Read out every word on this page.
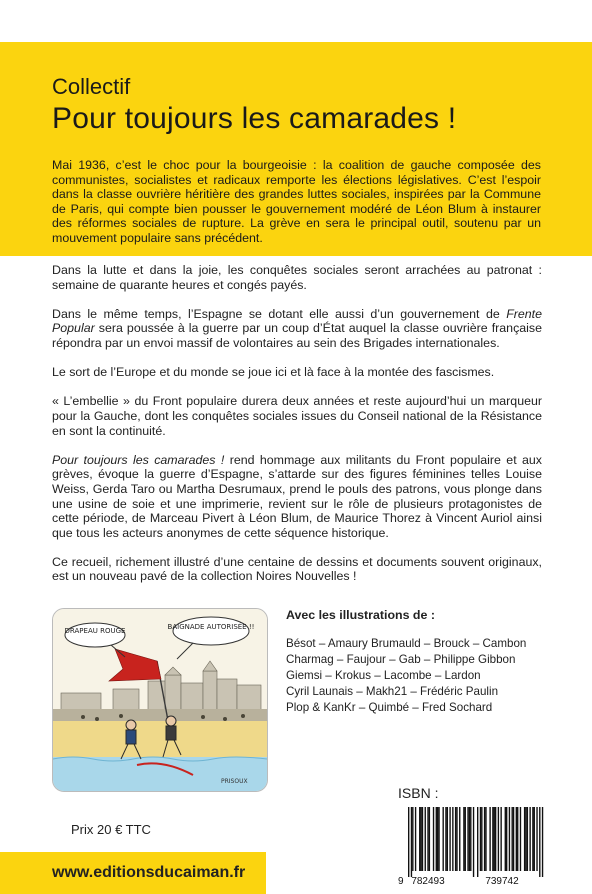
Collectif
Pour toujours les camarades !
Mai 1936, c’est le choc pour la bourgeoisie : la coalition de gauche composée des communistes, socialistes et radicaux remporte les élections législatives. C’est l’espoir dans la classe ouvrière héritière des grandes luttes sociales, inspirées par la Commune de Paris, qui compte bien pousser le gouvernement modéré de Léon Blum à instaurer des réformes sociales de rupture. La grève en sera le principal outil, soutenu par un mouvement populaire sans précédent.

Dans la lutte et dans la joie, les conquêtes sociales seront arrachées au patronat : semaine de quarante heures et congés payés.

Dans le même temps, l’Espagne se dotant elle aussi d’un gouvernement de Frente Popular sera poussée à la guerre par un coup d’État auquel la classe ouvrière française répondra par un envoi massif de volontaires au sein des Brigades internationales.

Le sort de l’Europe et du monde se joue ici et là face à la montée des fascismes.

« L’embellie » du Front populaire durera deux années et reste aujourd’hui un marqueur pour la Gauche, dont les conquêtes sociales issues du Conseil national de la Résistance en sont la continuité.

Pour toujours les camarades ! rend hommage aux militants du Front populaire et aux grèves, évoque la guerre d’Espagne, s’attarde sur des figures féminines telles Louise Weiss, Gerda Taro ou Martha Desrumaux, prend le pouls des patrons, vous plonge dans une usine de soie et une imprimerie, revient sur le rôle de plusieurs protagonistes de cette période, de Marceau Pivert à Léon Blum, de Maurice Thorez à Vincent Auriol ainsi que tous les acteurs anonymes de cette séquence historique.

Ce recueil, richement illustré d’une centaine de dessins et documents souvent originaux, est un nouveau pavé de la collection Noires Nouvelles !

DRAPEAU ROUGE	BAIGNADE AUTORISÉE !!
PRISOUX
Avec les illustrations de :
Bésot – Amaury Brumauld – Brouck – Cambon
Charmag – Faujour – Gab – Philippe Gibbon
Giemsi – Krokus – Lacombe – Lardon
Cyril Launais – Makh21 – Frédéric Paulin
Plop & KanKr – Quimbé – Fred Sochard
ISBN :
9 782493	739742
Prix 20 € TTC
www.editionsducaiman.fr
